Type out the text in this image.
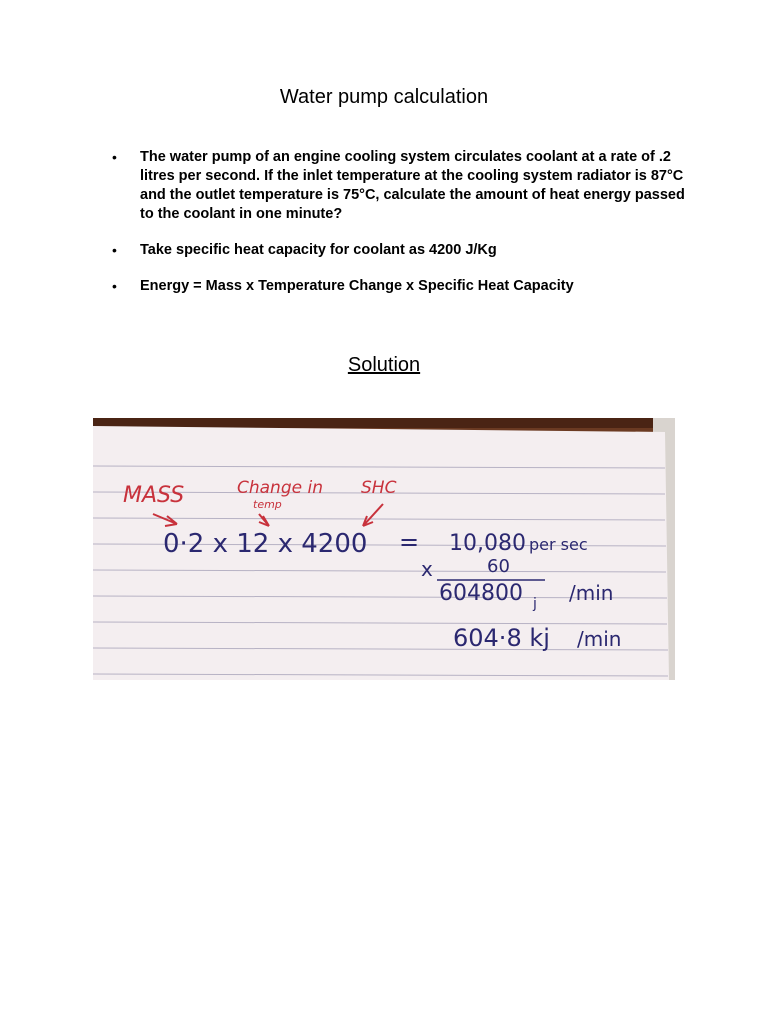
Water pump calculation
• The water pump of an engine cooling system circulates coolant at a rate of .2 litres per second. If the inlet temperature at the cooling system radiator is 87°C and the outlet temperature is 75°C, calculate the amount of heat energy passed to the coolant in one minute?
• Take specific heat capacity for coolant as 4200 J/Kg
• Energy = Mass x Temperature Change x Specific Heat Capacity
Solution
MASS	Change in
temp
SHC
0·2 x 12 x 4200 = 10,080 per sec
x	60
604800 j /min
604·8 kj /min
